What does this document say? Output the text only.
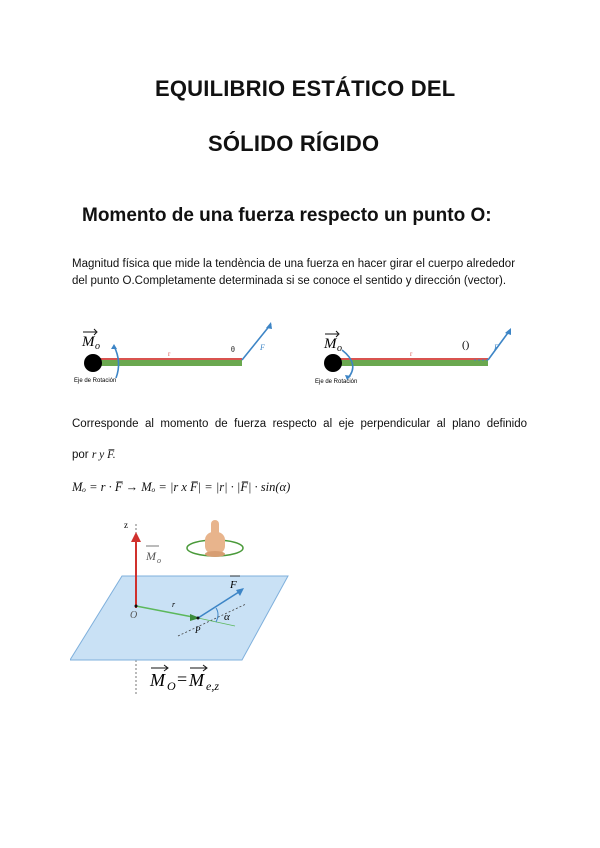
EQUILIBRIO ESTÁTICO DEL
SÓLIDO RÍGIDO
Momento de una fuerza respecto un punto O:
Magnitud física que mide la tendència de una fuerza en hacer girar el cuerpo alrededor del punto O.Completamente determinada si se conoce el sentido y dirección (vector).
M o
Eje de Rotación
r	θ	F	M o
Eje de Rotación
r
()	F
Corresponde al momento de fuerza respecto al eje perpendicular al plano definido
por r y F̅.
Mₒ = r · F̅ → Mₒ = |r x F̅| = |r| · |F̅| · sin(α)
z
M o
r
F
α
O
P
M O = M e,z
